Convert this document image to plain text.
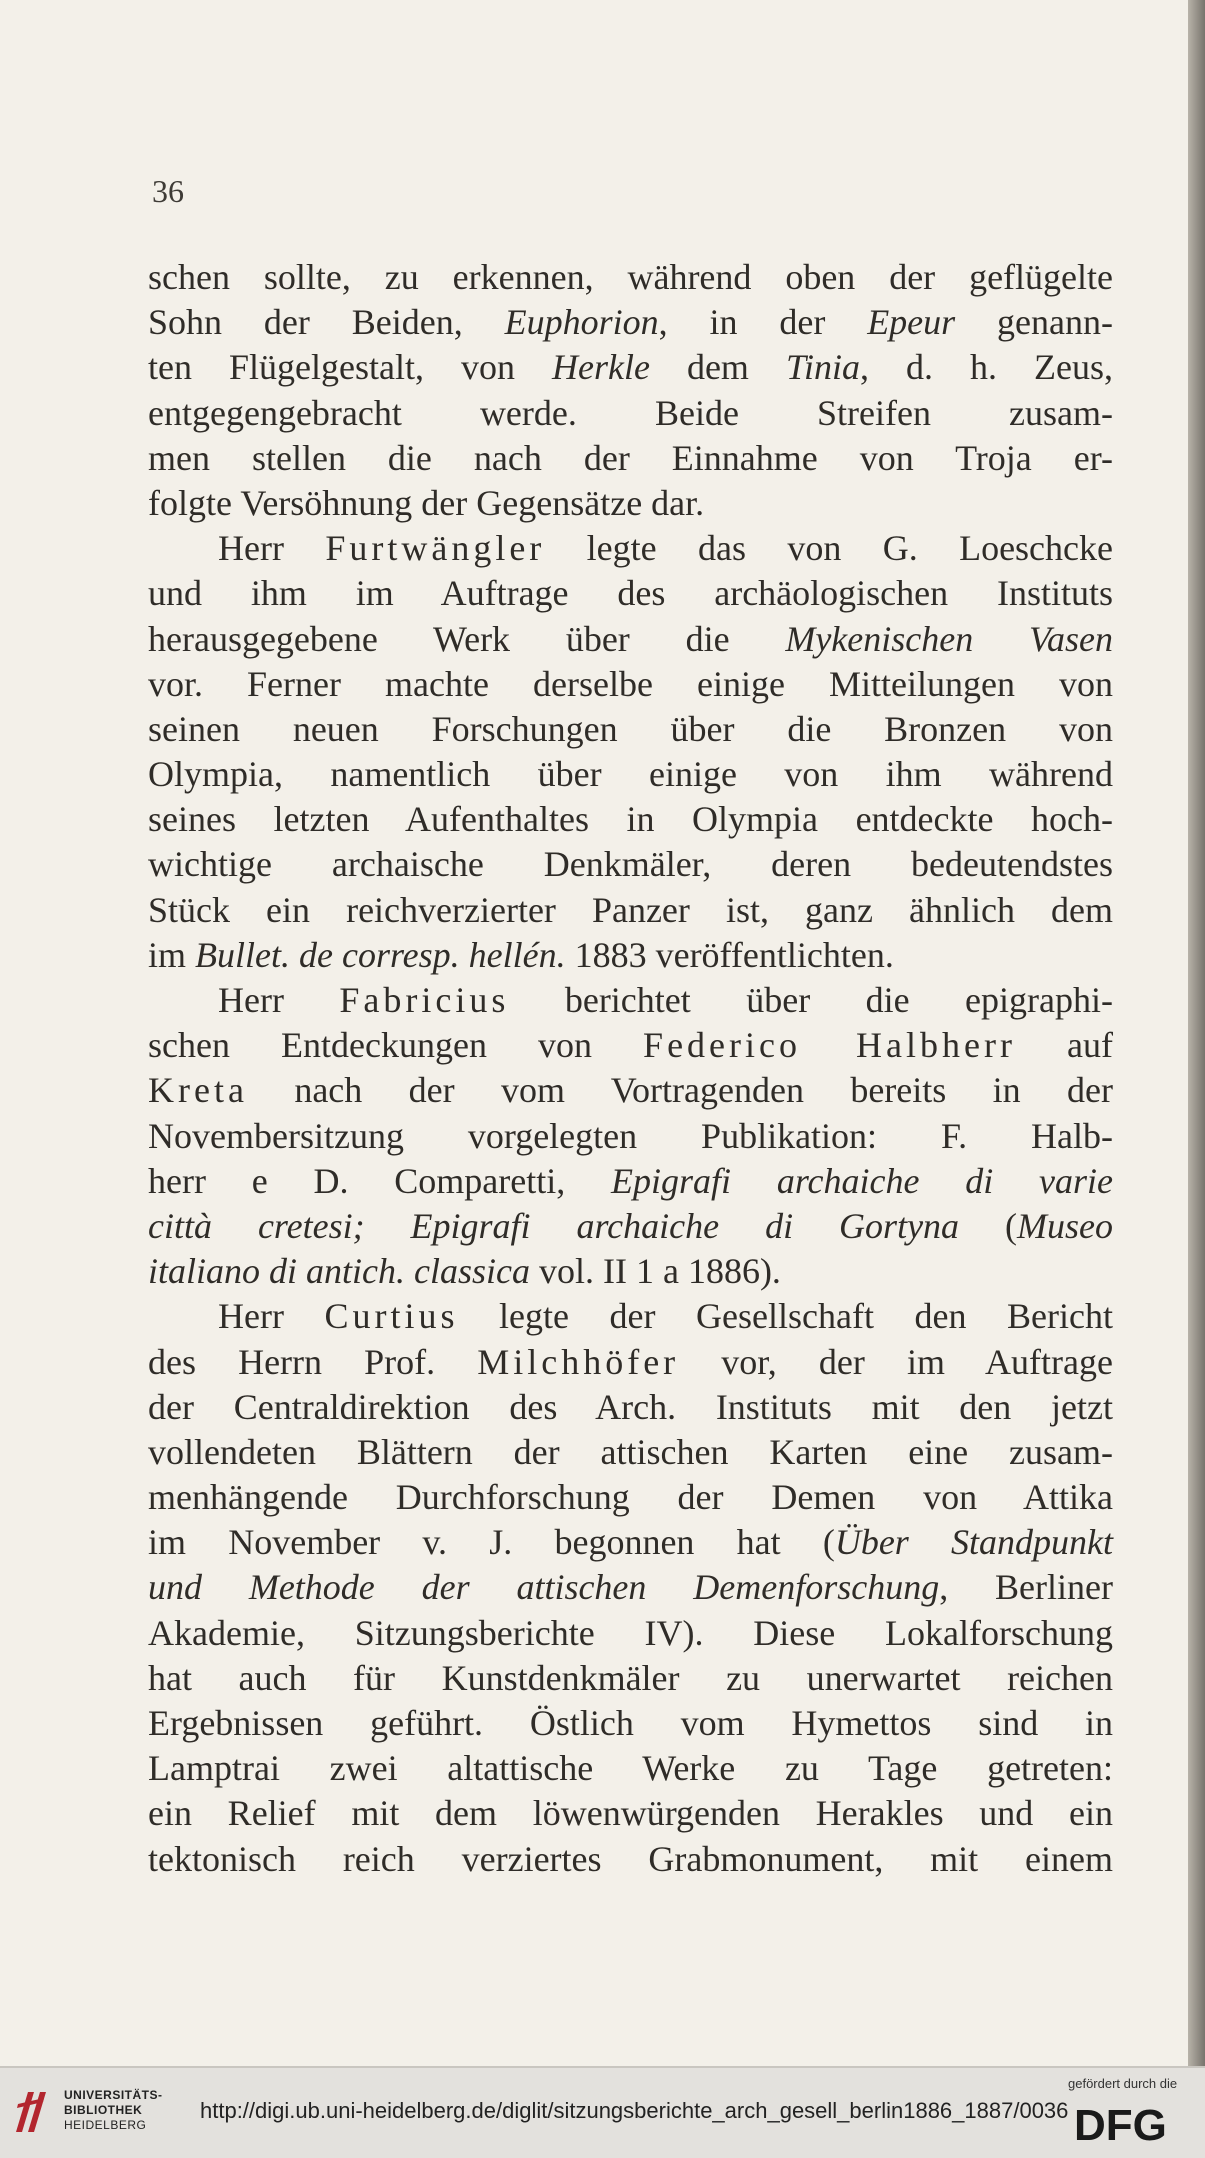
36
schen sollte, zu erkennen, während oben der geflügelte
Sohn der Beiden, Euphorion, in der Epeur genann-
ten Flügelgestalt, von Herkle dem Tinia, d. h. Zeus,
entgegengebracht werde. Beide Streifen zusam-
men stellen die nach der Einnahme von Troja er-
folgte Versöhnung der Gegensätze dar.
Herr Furtwängler legte das von G. Loeschcke
und ihm im Auftrage des archäologischen Instituts
herausgegebene Werk über die Mykenischen Vasen
vor. Ferner machte derselbe einige Mitteilungen von
seinen neuen Forschungen über die Bronzen von
Olympia, namentlich über einige von ihm während
seines letzten Aufenthaltes in Olympia entdeckte hoch-
wichtige archaische Denkmäler, deren bedeutendstes
Stück ein reichverzierter Panzer ist, ganz ähnlich dem
im Bullet. de corresp. hellén. 1883 veröffentlichten.
Herr Fabricius berichtet über die epigraphi-
schen Entdeckungen von Federico Halbherr auf
Kreta nach der vom Vortragenden bereits in der
Novembersitzung vorgelegten Publikation: F. Halb-
herr e D. Comparetti, Epigrafi archaiche di varie
città cretesi; Epigrafi archaiche di Gortyna (Museo
italiano di antich. classica vol. II 1 a 1886).
Herr Curtius legte der Gesellschaft den Bericht
des Herrn Prof. Milchhöfer vor, der im Auftrage
der Centraldirektion des Arch. Instituts mit den jetzt
vollendeten Blättern der attischen Karten eine zusam-
menhängende Durchforschung der Demen von Attika
im November v. J. begonnen hat (Über Standpunkt
und Methode der attischen Demenforschung, Berliner
Akademie, Sitzungsberichte IV). Diese Lokalforschung
hat auch für Kunstdenkmäler zu unerwartet reichen
Ergebnissen geführt. Östlich vom Hymettos sind in
Lamptrai zwei altattische Werke zu Tage getreten:
ein Relief mit dem löwenwürgenden Herakles und ein
tektonisch reich verziertes Grabmonument, mit einem
UNIVERSITÄTS-
BIBLIOTHEK
HEIDELBERG
http://digi.ub.uni-heidelberg.de/diglit/sitzungsberichte_arch_gesell_berlin1886_1887/0036
gefördert durch die
DFG
